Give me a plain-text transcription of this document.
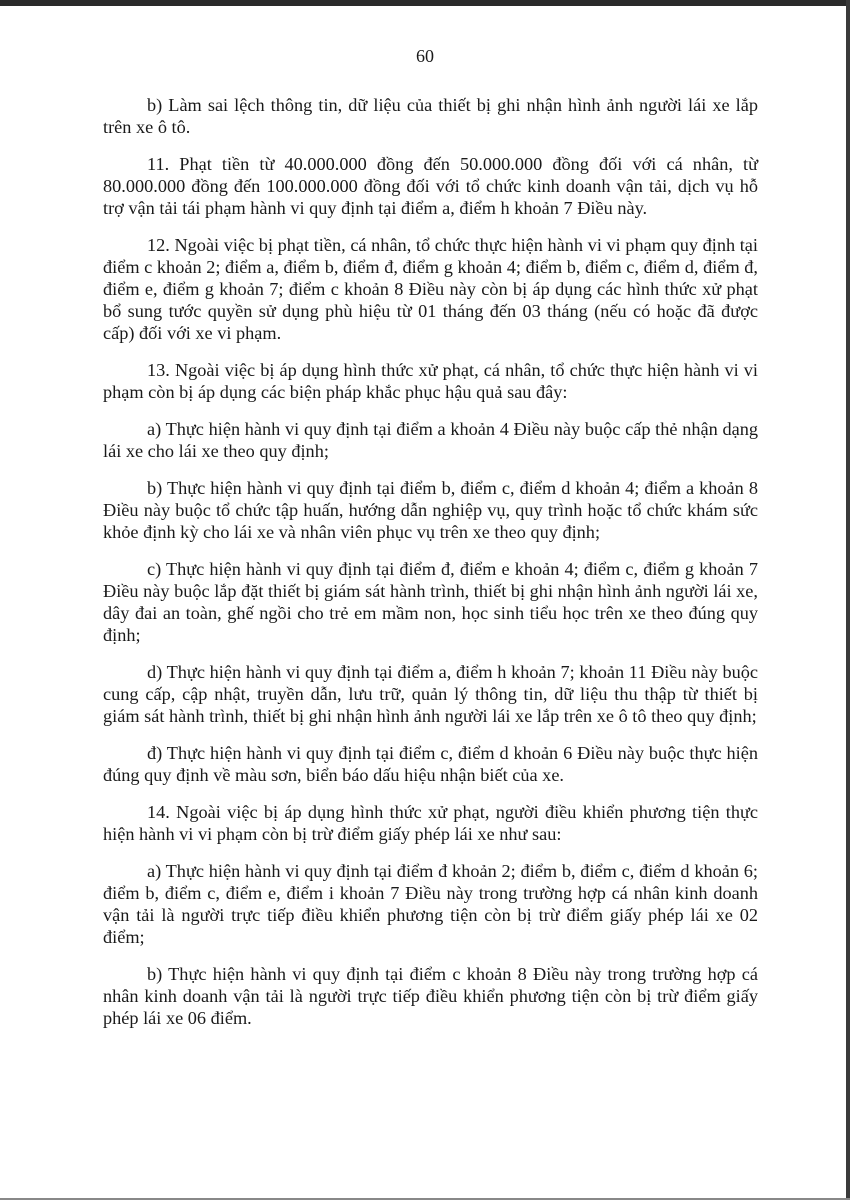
60

b) Làm sai lệch thông tin, dữ liệu của thiết bị ghi nhận hình ảnh người lái xe lắp trên xe ô tô.

11. Phạt tiền từ 40.000.000 đồng đến 50.000.000 đồng đối với cá nhân, từ 80.000.000 đồng đến 100.000.000 đồng đối với tổ chức kinh doanh vận tải, dịch vụ hỗ trợ vận tải tái phạm hành vi quy định tại điểm a, điểm h khoản 7 Điều này.

12. Ngoài việc bị phạt tiền, cá nhân, tổ chức thực hiện hành vi vi phạm quy định tại điểm c khoản 2; điểm a, điểm b, điểm đ, điểm g khoản 4; điểm b, điểm c, điểm d, điểm đ, điểm e, điểm g khoản 7; điểm c khoản 8 Điều này còn bị áp dụng các hình thức xử phạt bổ sung tước quyền sử dụng phù hiệu từ 01 tháng đến 03 tháng (nếu có hoặc đã được cấp) đối với xe vi phạm.

13. Ngoài việc bị áp dụng hình thức xử phạt, cá nhân, tổ chức thực hiện hành vi vi phạm còn bị áp dụng các biện pháp khắc phục hậu quả sau đây:

a) Thực hiện hành vi quy định tại điểm a khoản 4 Điều này buộc cấp thẻ nhận dạng lái xe cho lái xe theo quy định;

b) Thực hiện hành vi quy định tại điểm b, điểm c, điểm d khoản 4; điểm a khoản 8 Điều này buộc tổ chức tập huấn, hướng dẫn nghiệp vụ, quy trình hoặc tổ chức khám sức khỏe định kỳ cho lái xe và nhân viên phục vụ trên xe theo quy định;

c) Thực hiện hành vi quy định tại điểm đ, điểm e khoản 4; điểm c, điểm g khoản 7 Điều này buộc lắp đặt thiết bị giám sát hành trình, thiết bị ghi nhận hình ảnh người lái xe, dây đai an toàn, ghế ngồi cho trẻ em mầm non, học sinh tiểu học trên xe theo đúng quy định;

d) Thực hiện hành vi quy định tại điểm a, điểm h khoản 7; khoản 11 Điều này buộc cung cấp, cập nhật, truyền dẫn, lưu trữ, quản lý thông tin, dữ liệu thu thập từ thiết bị giám sát hành trình, thiết bị ghi nhận hình ảnh người lái xe lắp trên xe ô tô theo quy định;

đ) Thực hiện hành vi quy định tại điểm c, điểm d khoản 6 Điều này buộc thực hiện đúng quy định về màu sơn, biển báo dấu hiệu nhận biết của xe.

14. Ngoài việc bị áp dụng hình thức xử phạt, người điều khiển phương tiện thực hiện hành vi vi phạm còn bị trừ điểm giấy phép lái xe như sau:

a) Thực hiện hành vi quy định tại điểm đ khoản 2; điểm b, điểm c, điểm d khoản 6; điểm b, điểm c, điểm e, điểm i khoản 7 Điều này trong trường hợp cá nhân kinh doanh vận tải là người trực tiếp điều khiển phương tiện còn bị trừ điểm giấy phép lái xe 02 điểm;

b) Thực hiện hành vi quy định tại điểm c khoản 8 Điều này trong trường hợp cá nhân kinh doanh vận tải là người trực tiếp điều khiển phương tiện còn bị trừ điểm giấy phép lái xe 06 điểm.
